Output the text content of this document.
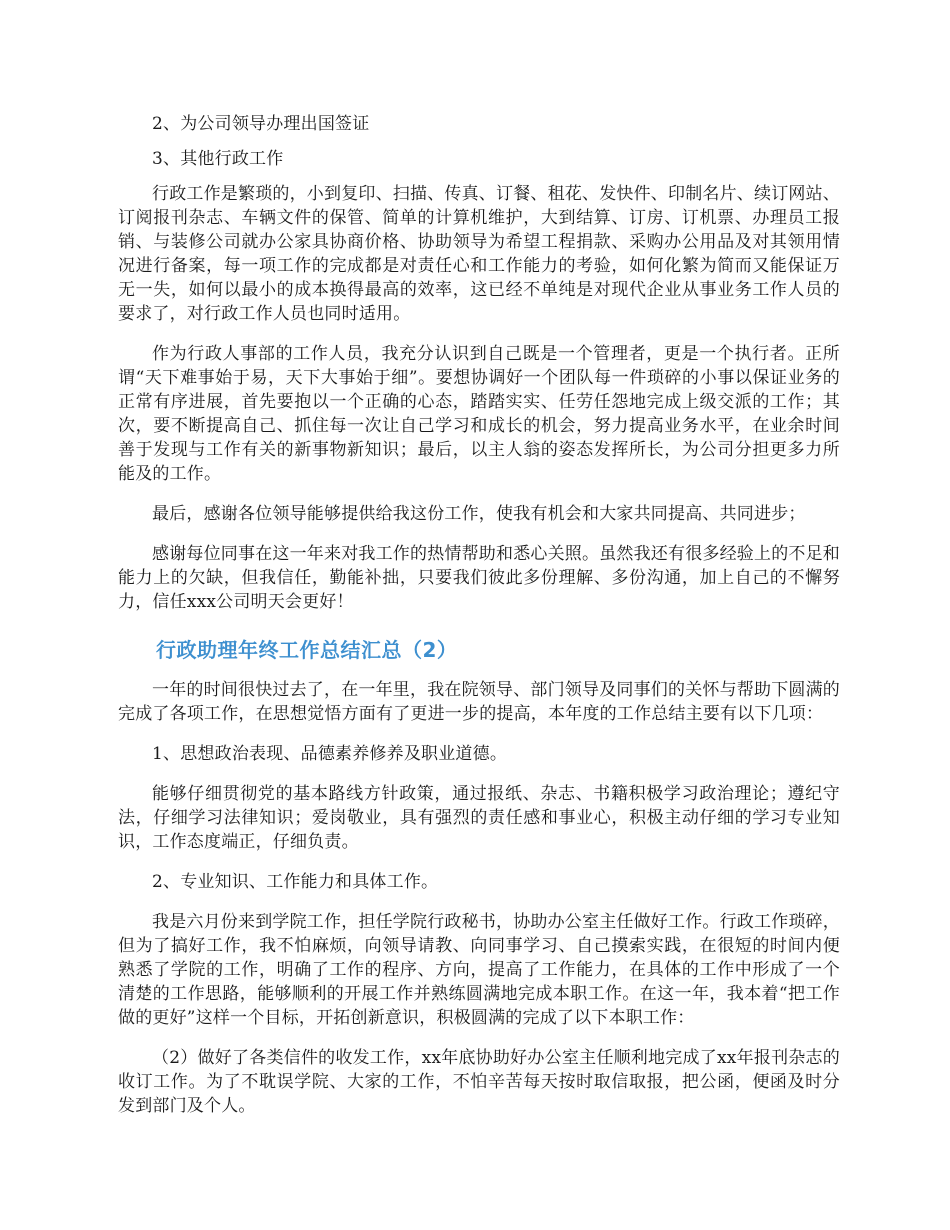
2、为公司领导办理出国签证

3、其他行政工作

行政工作是繁琐的，小到复印、扫描、传真、订餐、租花、发快件、印制名片、续订网站、订阅报刊杂志、车辆文件的保管、简单的计算机维护，大到结算、订房、订机票、办理员工报销、与装修公司就办公家具协商价格、协助领导为希望工程捐款、采购办公用品及对其领用情况进行备案，每一项工作的完成都是对责任心和工作能力的考验，如何化繁为简而又能保证万无一失，如何以最小的成本换得最高的效率，这已经不单纯是对现代企业从事业务工作人员的要求了，对行政工作人员也同时适用。

作为行政人事部的工作人员，我充分认识到自己既是一个管理者，更是一个执行者。正所谓“天下难事始于易，天下大事始于细”。要想协调好一个团队每一件琐碎的小事以保证业务的正常有序进展，首先要抱以一个正确的心态，踏踏实实、任劳任怨地完成上级交派的工作；其次，要不断提高自己、抓住每一次让自己学习和成长的机会，努力提高业务水平，在业余时间善于发现与工作有关的新事物新知识；最后，以主人翁的姿态发挥所长，为公司分担更多力所能及的工作。

最后，感谢各位领导能够提供给我这份工作，使我有机会和大家共同提高、共同进步；

感谢每位同事在这一年来对我工作的热情帮助和悉心关照。虽然我还有很多经验上的不足和能力上的欠缺，但我信任，勤能补拙，只要我们彼此多份理解、多份沟通，加上自己的不懈努力，信任xxx公司明天会更好！

行政助理年终工作总结汇总（2）

一年的时间很快过去了，在一年里，我在院领导、部门领导及同事们的关怀与帮助下圆满的完成了各项工作，在思想觉悟方面有了更进一步的提高，本年度的工作总结主要有以下几项：

1、思想政治表现、品德素养修养及职业道德。

能够仔细贯彻党的基本路线方针政策，通过报纸、杂志、书籍积极学习政治理论；遵纪守法，仔细学习法律知识；爱岗敬业，具有强烈的责任感和事业心，积极主动仔细的学习专业知识，工作态度端正，仔细负责。

2、专业知识、工作能力和具体工作。

我是六月份来到学院工作，担任学院行政秘书，协助办公室主任做好工作。行政工作琐碎，但为了搞好工作，我不怕麻烦，向领导请教、向同事学习、自己摸索实践，在很短的时间内便熟悉了学院的工作，明确了工作的程序、方向，提高了工作能力，在具体的工作中形成了一个清楚的工作思路，能够顺利的开展工作并熟练圆满地完成本职工作。在这一年，我本着“把工作做的更好”这样一个目标，开拓创新意识，积极圆满的完成了以下本职工作：

（2）做好了各类信件的收发工作，xx年底协助好办公室主任顺利地完成了xx年报刊杂志的收订工作。为了不耽误学院、大家的工作，不怕辛苦每天按时取信取报，把公函，便函及时分发到部门及个人。
